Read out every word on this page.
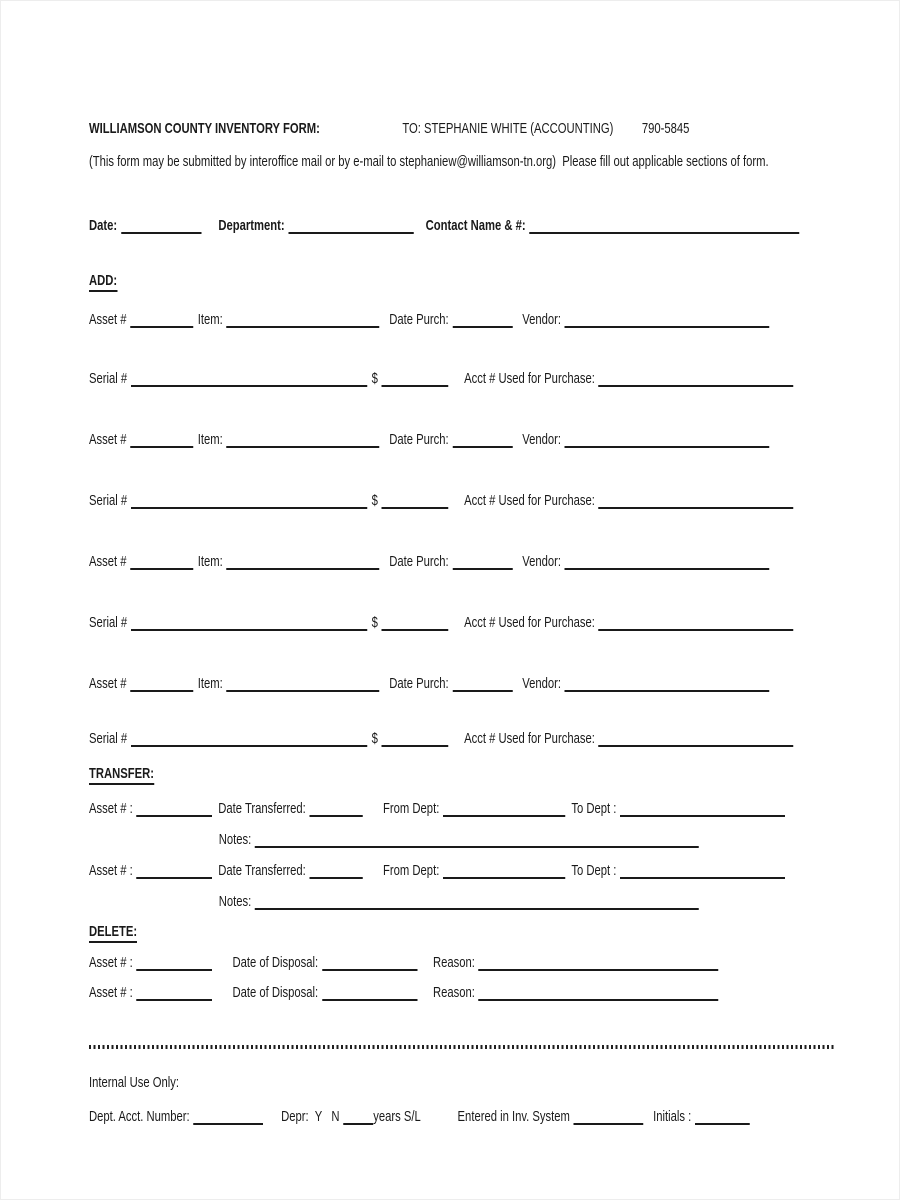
WILLIAMSON COUNTY INVENTORY FORM:	TO: STEPHANIE WHITE (ACCOUNTING) 790-5845
(This form may be submitted by interoffice mail or by e-mail to stephaniew@williamson-tn.org)  Please fill out applicable sections of form.
Date:	Department:	Contact Name & #:
ADD:
Asset #	Item:	Date Purch:	Vendor:
Serial #	$	Acct # Used for Purchase:
Asset #	Item:	Date Purch:	Vendor:
Serial #	$	Acct # Used for Purchase:
Asset #	Item:	Date Purch:	Vendor:
Serial #	$	Acct # Used for Purchase:
Asset #	Item:	Date Purch:	Vendor:
Serial #	$	Acct # Used for Purchase:
TRANSFER:
Asset # :	Date Transferred:	From Dept:	To Dept :
Notes:
Asset # :	Date Transferred:	From Dept:	To Dept :
Notes:
DELETE:
Asset # :	Date of Disposal:	Reason:
Asset # :	Date of Disposal:	Reason:
Internal Use Only:
Dept. Acct. Number:	Depr:  Y   N years S/L Entered in Inv. System	Initials :
